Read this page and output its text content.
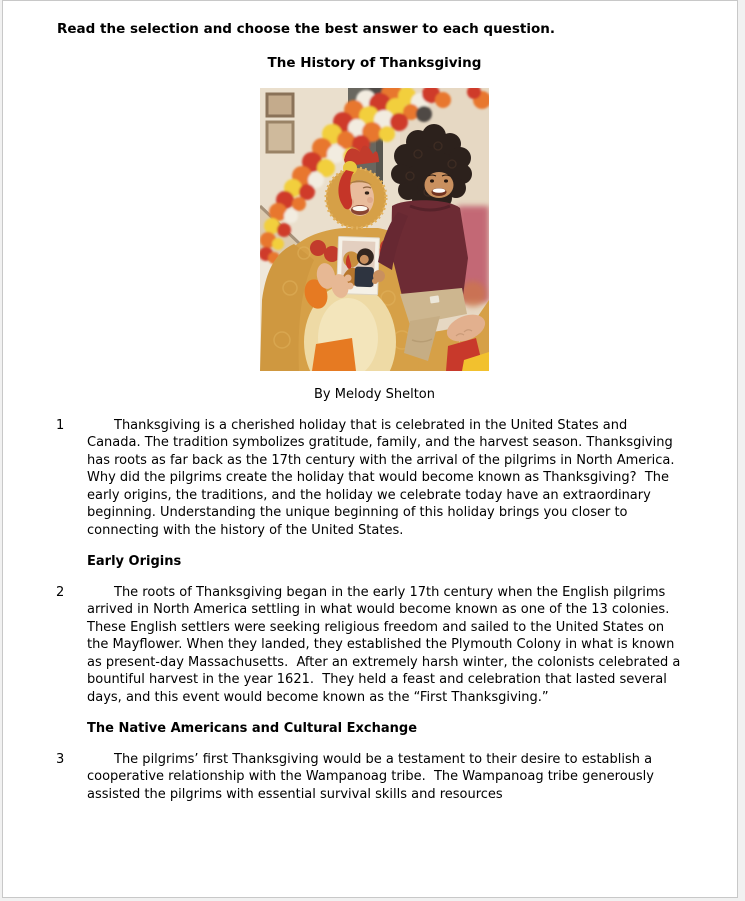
Read the selection and choose the best answer to each question.
The History of Thanksgiving
By Melody Shelton
1	Thanksgiving is a cherished holiday that is celebrated in the United States and Canada. The tradition symbolizes gratitude, family, and the harvest season. Thanksgiving has roots as far back as the 17th century with the arrival of the pilgrims in North America.  Why did the pilgrims create the holiday that would become known as Thanksgiving?  The early origins, the traditions, and the holiday we celebrate today have an extraordinary beginning. Understanding the unique beginning of this holiday brings you closer to connecting with the history of the United States.
Early Origins
2	The roots of Thanksgiving began in the early 17th century when the English pilgrims arrived in North America settling in what would become known as one of the 13 colonies.  These English settlers were seeking religious freedom and sailed to the United States on the Mayflower. When they landed, they established the Plymouth Colony in what is known as present-day Massachusetts.  After an extremely harsh winter, the colonists celebrated a bountiful harvest in the year 1621.  They held a feast and celebration that lasted several days, and this event would become known as the “First Thanksgiving.”
The Native Americans and Cultural Exchange
3	The pilgrims’ first Thanksgiving would be a testament to their desire to establish a cooperative relationship with the Wampanoag tribe.  The Wampanoag tribe generously assisted the pilgrims with essential survival skills and resources
